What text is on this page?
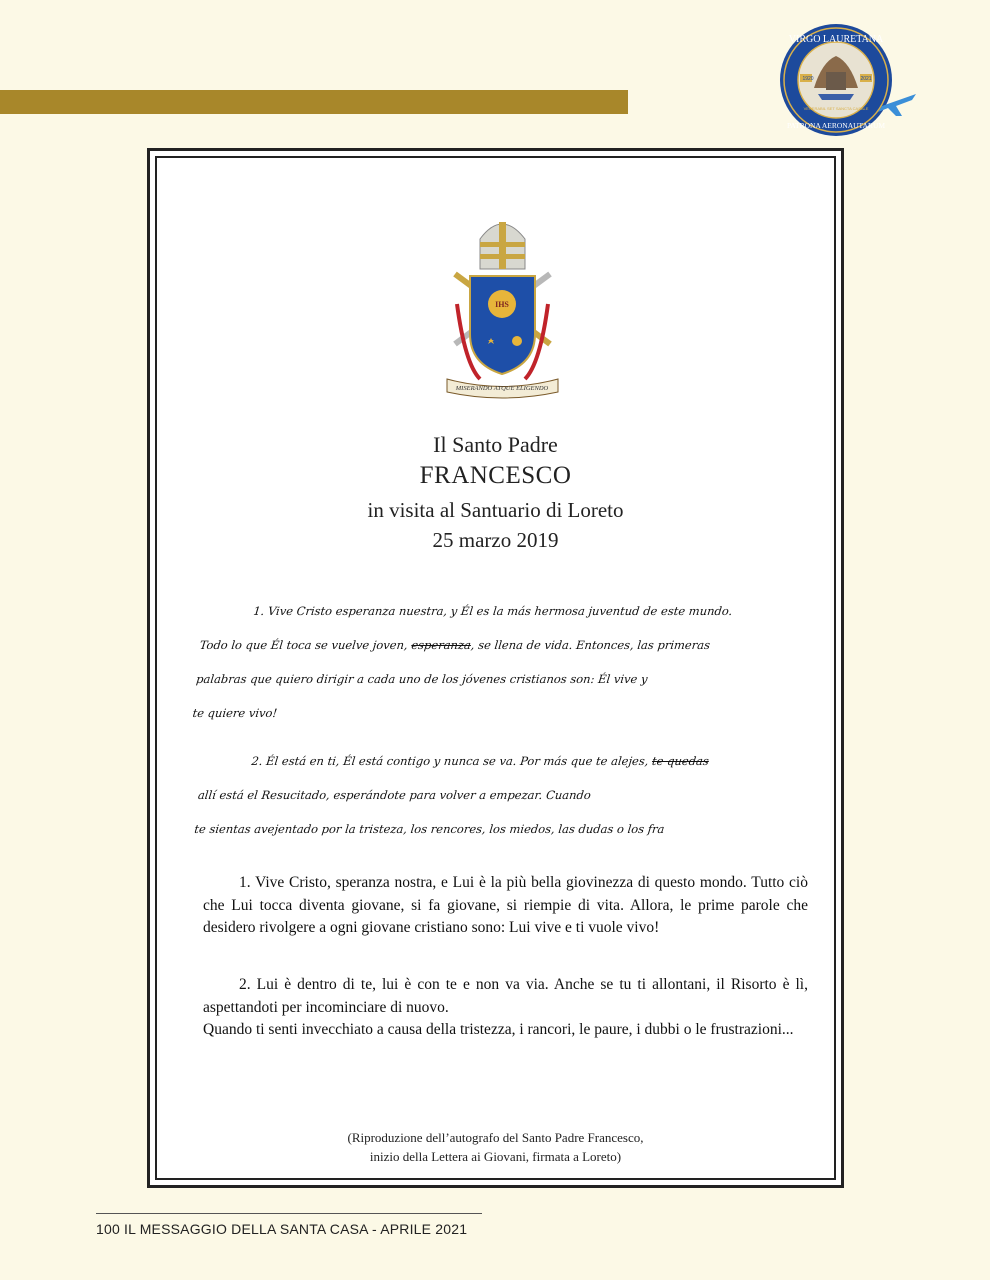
VIRGO LAURETANA
PATRONA AERONAUTARUM
1920	2021
VENERABIL SET SANCTA CASALE
IHS
MISERANDO ATQUE ELIGENDO
Il Santo Padre
FRANCESCO
in visita al Santuario di Loreto
25 marzo 2019

1. Vive Cristo esperanza nuestra, y Él es la más hermosa juventud de este mundo.

Todo lo que Él toca se vuelve joven, esperanza, se llena de vida. Entonces, las primeras

palabras que quiero dirigir a cada uno de los jóvenes cristianos son: Él vive y

te quiere vivo!

2. Él está en ti, Él está contigo y nunca se va. Por más que te alejes, te quedas

allí está el Resucitado, esperándote para volver a empezar. Cuando

te sientas avejentado por la tristeza, los rencores, los miedos, las dudas o los fra

1. Vive Cristo, speranza nostra, e Lui è la più bella giovinezza di questo mondo. Tutto ciò che Lui tocca diventa giovane, si fa giovane, si riempie di vita. Allora, le prime parole che desidero rivolgere a ogni giovane cristiano sono: Lui vive e ti vuole vivo!

2. Lui è dentro di te, lui è con te e non va via. Anche se tu ti allontani, il Risorto è lì, aspettandoti per incominciare di nuovo.

Quando ti senti invecchiato a causa della tristezza, i rancori, le paure, i dubbi o le frustrazioni...

(Riproduzione dell’autografo del Santo Padre Francesco,
inizio della Lettera ai Giovani, firmata a Loreto)
100 IL MESSAGGIO DELLA SANTA CASA - APRILE 2021
